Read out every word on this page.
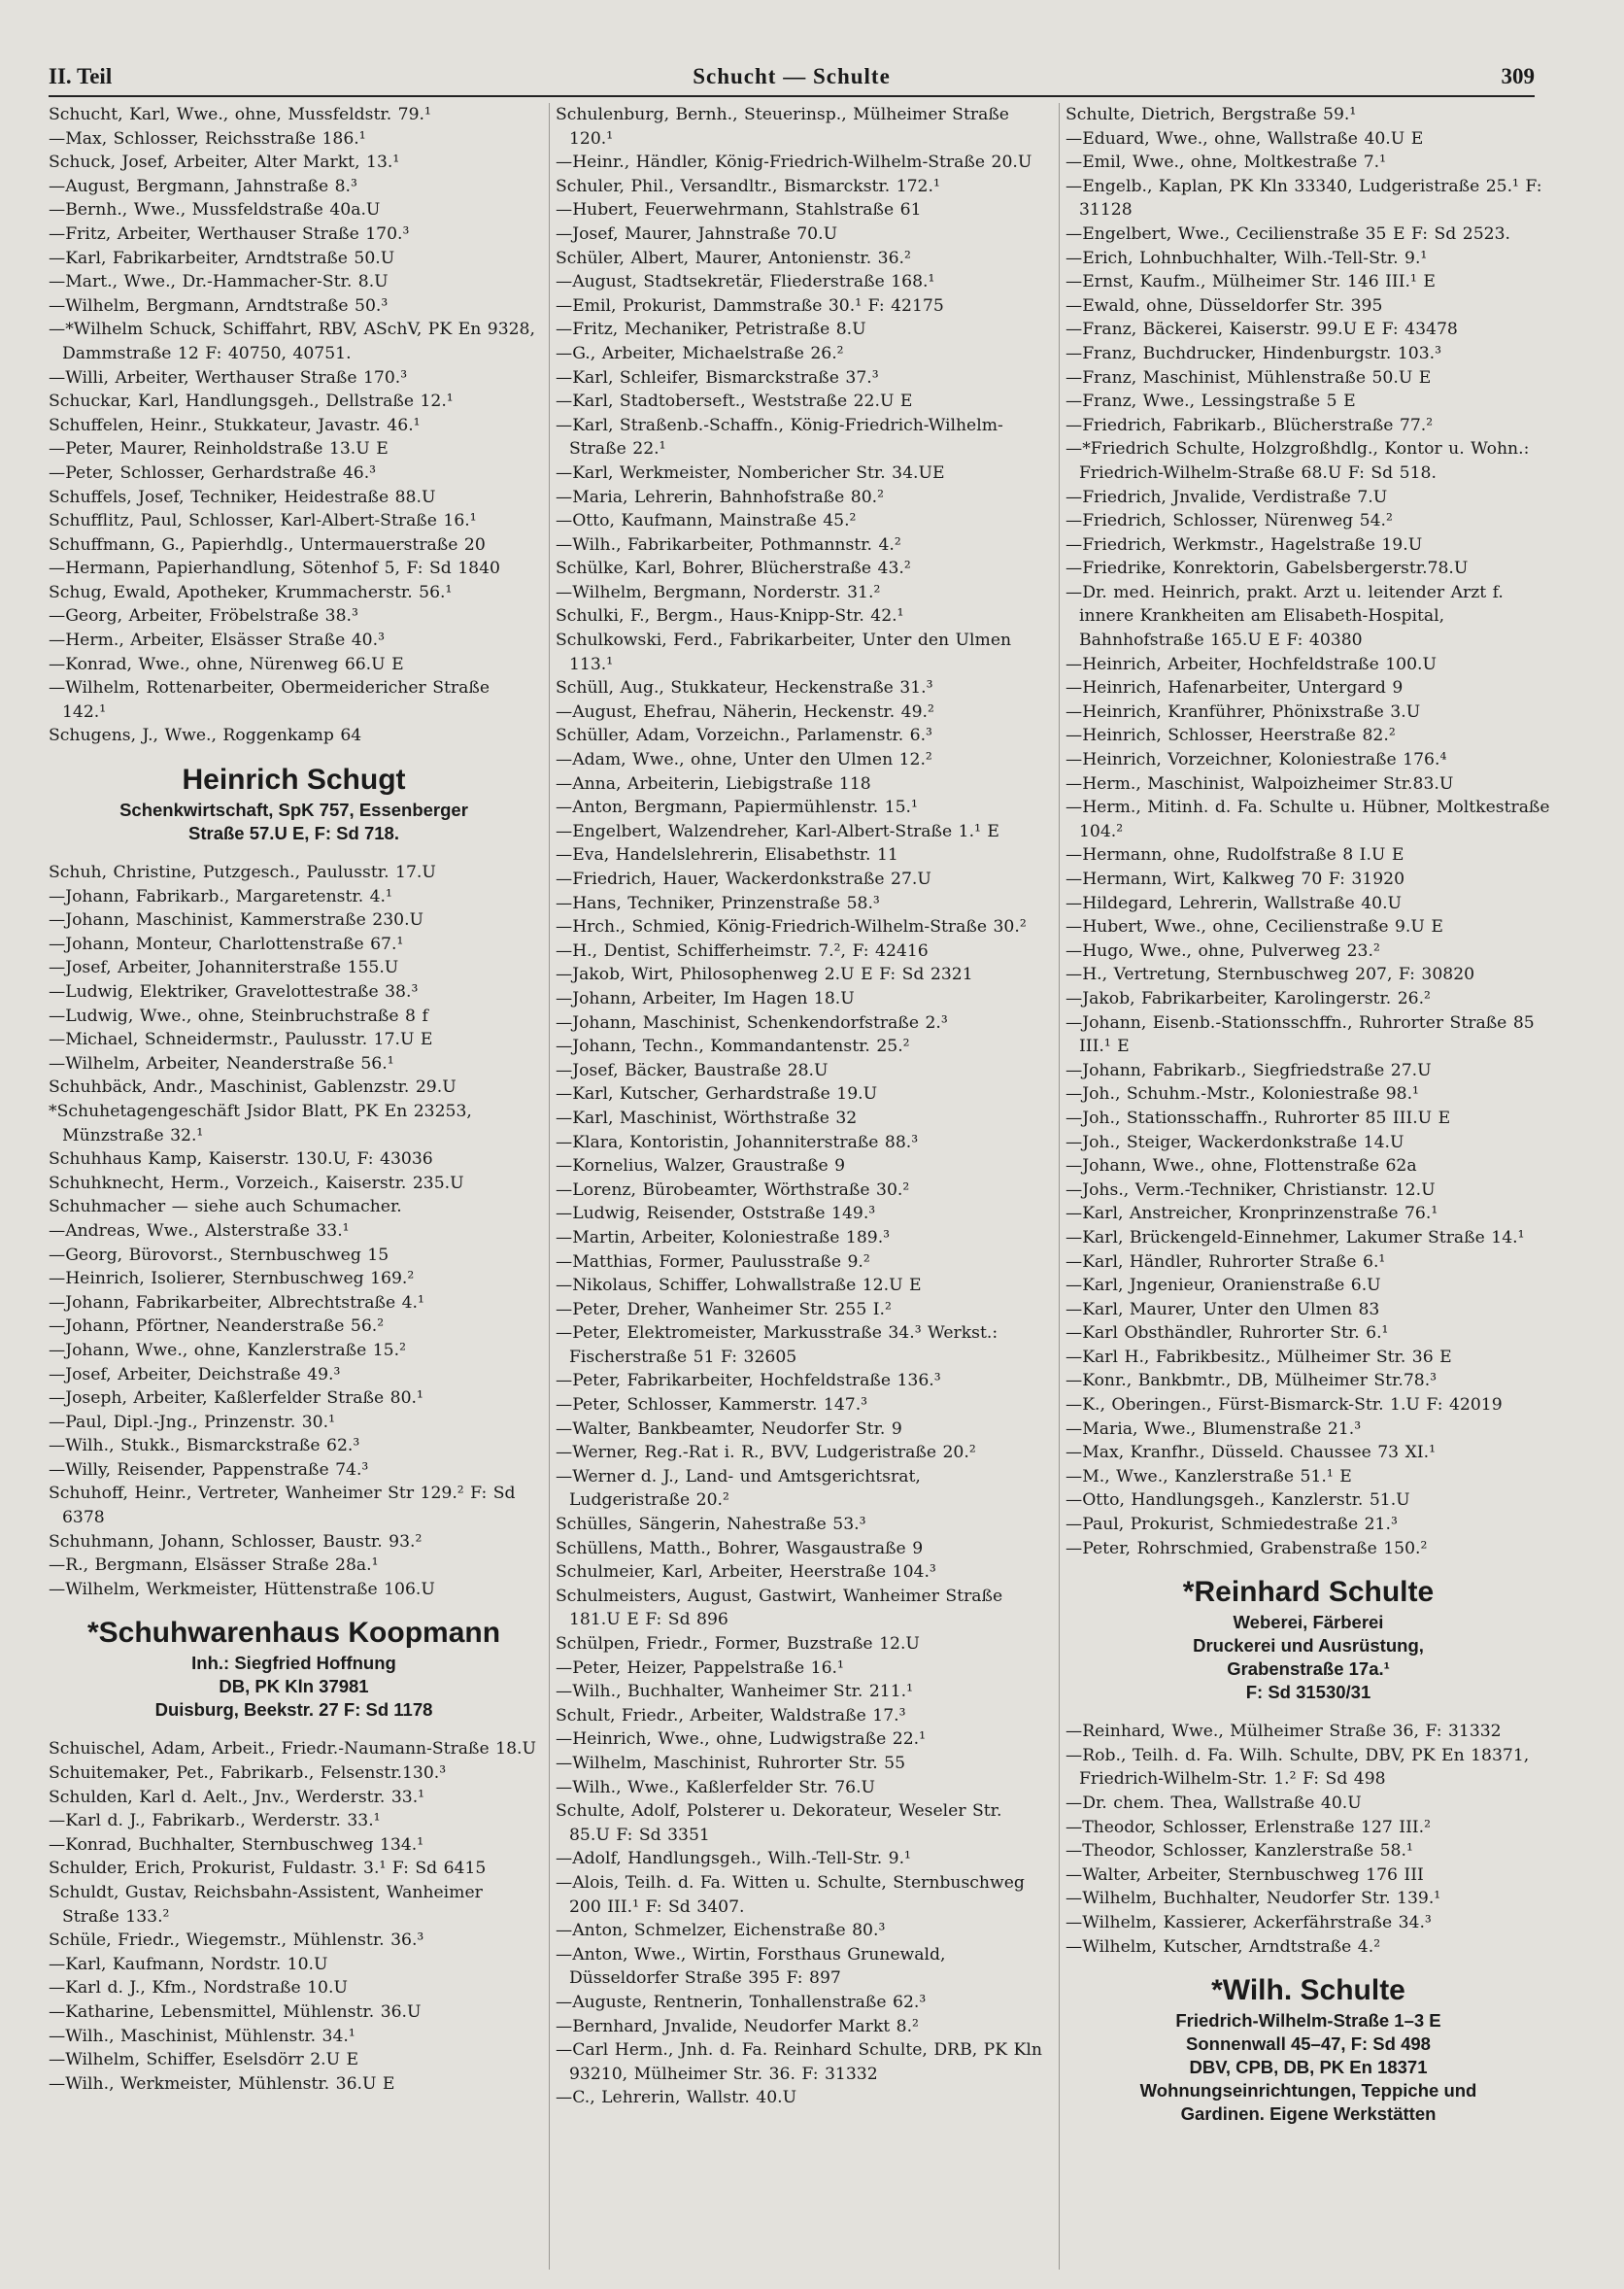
II. Teil	Schucht — Schulte	309
Schucht, Karl, Wwe., ohne, Mussfeldstr. 79.¹
—Max, Schlosser, Reichsstraße 186.¹
Schuck, Josef, Arbeiter, Alter Markt, 13.¹
—August, Bergmann, Jahnstraße 8.³
—Bernh., Wwe., Mussfeldstraße 40a.U
—Fritz, Arbeiter, Werthauser Straße 170.³
—Karl, Fabrikarbeiter, Arndtstraße 50.U
—Mart., Wwe., Dr.-Hammacher-Str. 8.U
—Wilhelm, Bergmann, Arndtstraße 50.³
—*Wilhelm Schuck, Schiffahrt, RBV, ASchV, PK En 9328, Dammstraße 12 F: 40750, 40751.
—Willi, Arbeiter, Werthauser Straße 170.³
Schuckar, Karl, Handlungsgeh., Dellstraße 12.¹
Schuffelen, Heinr., Stukkateur, Javastr. 46.¹
—Peter, Maurer, Reinholdstraße 13.U E
—Peter, Schlosser, Gerhardstraße 46.³
Schuffels, Josef, Techniker, Heidestraße 88.U
Schufflitz, Paul, Schlosser, Karl-Albert-Straße 16.¹
Schuffmann, G., Papierhdlg., Untermauerstraße 20
—Hermann, Papierhandlung, Sötenhof 5, F: Sd 1840
Schug, Ewald, Apotheker, Krummacherstr. 56.¹
—Georg, Arbeiter, Fröbelstraße 38.³
—Herm., Arbeiter, Elsässer Straße 40.³
—Konrad, Wwe., ohne, Nürenweg 66.U E
—Wilhelm, Rottenarbeiter, Obermeidericher Straße 142.¹
Schugens, J., Wwe., Roggenkamp 64
Heinrich Schugt
Schenkwirtschaft, SpK 757, Essenberger
Straße 57.U E, F: Sd 718.
Schuh, Christine, Putzgesch., Paulusstr. 17.U
—Johann, Fabrikarb., Margaretenstr. 4.¹
—Johann, Maschinist, Kammerstraße 230.U
—Johann, Monteur, Charlottenstraße 67.¹
—Josef, Arbeiter, Johanniterstraße 155.U
—Ludwig, Elektriker, Gravelottestraße 38.³
—Ludwig, Wwe., ohne, Steinbruchstraße 8 f
—Michael, Schneidermstr., Paulusstr. 17.U E
—Wilhelm, Arbeiter, Neanderstraße 56.¹
Schuhbäck, Andr., Maschinist, Gablenzstr. 29.U
*Schuhetagengeschäft Jsidor Blatt, PK En 23253, Münzstraße 32.¹
Schuhhaus Kamp, Kaiserstr. 130.U, F: 43036
Schuhknecht, Herm., Vorzeich., Kaiserstr. 235.U
Schuhmacher — siehe auch Schumacher.
—Andreas, Wwe., Alsterstraße 33.¹
—Georg, Bürovorst., Sternbuschweg 15
—Heinrich, Isolierer, Sternbuschweg 169.²
—Johann, Fabrikarbeiter, Albrechtstraße 4.¹
—Johann, Pförtner, Neanderstraße 56.²
—Johann, Wwe., ohne, Kanzlerstraße 15.²
—Josef, Arbeiter, Deichstraße 49.³
—Joseph, Arbeiter, Kaßlerfelder Straße 80.¹
—Paul, Dipl.-Jng., Prinzenstr. 30.¹
—Wilh., Stukk., Bismarckstraße 62.³
—Willy, Reisender, Pappenstraße 74.³
Schuhoff, Heinr., Vertreter, Wanheimer Str 129.² F: Sd 6378
Schuhmann, Johann, Schlosser, Baustr. 93.²
—R., Bergmann, Elsässer Straße 28a.¹
—Wilhelm, Werkmeister, Hüttenstraße 106.U
*Schuhwarenhaus Koopmann
Inh.: Siegfried Hoffnung
DB, PK Kln 37981
Duisburg, Beekstr. 27 F: Sd 1178
Schuischel, Adam, Arbeit., Friedr.-Naumann-Straße 18.U
Schuitemaker, Pet., Fabrikarb., Felsenstr.130.³
Schulden, Karl d. Aelt., Jnv., Werderstr. 33.¹
—Karl d. J., Fabrikarb., Werderstr. 33.¹
—Konrad, Buchhalter, Sternbuschweg 134.¹
Schulder, Erich, Prokurist, Fuldastr. 3.¹ F: Sd 6415
Schuldt, Gustav, Reichsbahn-Assistent, Wanheimer Straße 133.²
Schüle, Friedr., Wiegemstr., Mühlenstr. 36.³
—Karl, Kaufmann, Nordstr. 10.U
—Karl d. J., Kfm., Nordstraße 10.U
—Katharine, Lebensmittel, Mühlenstr. 36.U
—Wilh., Maschinist, Mühlenstr. 34.¹
—Wilhelm, Schiffer, Eselsdörr 2.U E
—Wilh., Werkmeister, Mühlenstr. 36.U E
Schulenburg, Bernh., Steuerinsp., Mülheimer Straße 120.¹
—Heinr., Händler, König-Friedrich-Wilhelm-Straße 20.U
Schuler, Phil., Versandltr., Bismarckstr. 172.¹
—Hubert, Feuerwehrmann, Stahlstraße 61
—Josef, Maurer, Jahnstraße 70.U
Schüler, Albert, Maurer, Antonienstr. 36.²
—August, Stadtsekretär, Fliederstraße 168.¹
—Emil, Prokurist, Dammstraße 30.¹ F: 42175
—Fritz, Mechaniker, Petristraße 8.U
—G., Arbeiter, Michaelstraße 26.²
—Karl, Schleifer, Bismarckstraße 37.³
—Karl, Stadtoberseft., Weststraße 22.U E
—Karl, Straßenb.-Schaffn., König-Friedrich-Wilhelm-Straße 22.¹
—Karl, Werkmeister, Nombericher Str. 34.UE
—Maria, Lehrerin, Bahnhofstraße 80.²
—Otto, Kaufmann, Mainstraße 45.²
—Wilh., Fabrikarbeiter, Pothmannstr. 4.²
Schülke, Karl, Bohrer, Blücherstraße 43.²
—Wilhelm, Bergmann, Norderstr. 31.²
Schulki, F., Bergm., Haus-Knipp-Str. 42.¹
Schulkowski, Ferd., Fabrikarbeiter, Unter den Ulmen 113.¹
Schüll, Aug., Stukkateur, Heckenstraße 31.³
—August, Ehefrau, Näherin, Heckenstr. 49.²
Schüller, Adam, Vorzeichn., Parlamenstr. 6.³
—Adam, Wwe., ohne, Unter den Ulmen 12.²
—Anna, Arbeiterin, Liebigstraße 118
—Anton, Bergmann, Papiermühlenstr. 15.¹
—Engelbert, Walzendreher, Karl-Albert-Straße 1.¹ E
—Eva, Handelslehrerin, Elisabethstr. 11
—Friedrich, Hauer, Wackerdonkstraße 27.U
—Hans, Techniker, Prinzenstraße 58.³
—Hrch., Schmied, König-Friedrich-Wilhelm-Straße 30.²
—H., Dentist, Schifferheimstr. 7.², F: 42416
—Jakob, Wirt, Philosophenweg 2.U E F: Sd 2321
—Johann, Arbeiter, Im Hagen 18.U
—Johann, Maschinist, Schenkendorfstraße 2.³
—Johann, Techn., Kommandantenstr. 25.²
—Josef, Bäcker, Baustraße 28.U
—Karl, Kutscher, Gerhardstraße 19.U
—Karl, Maschinist, Wörthstraße 32
—Klara, Kontoristin, Johanniterstraße 88.³
—Kornelius, Walzer, Graustraße 9
—Lorenz, Bürobeamter, Wörthstraße 30.²
—Ludwig, Reisender, Oststraße 149.³
—Martin, Arbeiter, Koloniestraße 189.³
—Matthias, Former, Paulusstraße 9.²
—Nikolaus, Schiffer, Lohwallstraße 12.U E
—Peter, Dreher, Wanheimer Str. 255 I.²
—Peter, Elektromeister, Markusstraße 34.³ Werkst.: Fischerstraße 51 F: 32605
—Peter, Fabrikarbeiter, Hochfeldstraße 136.³
—Peter, Schlosser, Kammerstr. 147.³
—Walter, Bankbeamter, Neudorfer Str. 9
—Werner, Reg.-Rat i. R., BVV, Ludgeristraße 20.²
—Werner d. J., Land- und Amtsgerichtsrat, Ludgeristraße 20.²
Schülles, Sängerin, Nahestraße 53.³
Schüllens, Matth., Bohrer, Wasgaustraße 9
Schulmeier, Karl, Arbeiter, Heerstraße 104.³
Schulmeisters, August, Gastwirt, Wanheimer Straße 181.U E F: Sd 896
Schülpen, Friedr., Former, Buzstraße 12.U
—Peter, Heizer, Pappelstraße 16.¹
—Wilh., Buchhalter, Wanheimer Str. 211.¹
Schult, Friedr., Arbeiter, Waldstraße 17.³
—Heinrich, Wwe., ohne, Ludwigstraße 22.¹
—Wilhelm, Maschinist, Ruhrorter Str. 55
—Wilh., Wwe., Kaßlerfelder Str. 76.U
Schulte, Adolf, Polsterer u. Dekorateur, Weseler Str. 85.U F: Sd 3351
—Adolf, Handlungsgeh., Wilh.-Tell-Str. 9.¹
—Alois, Teilh. d. Fa. Witten u. Schulte, Sternbuschweg 200 III.¹ F: Sd 3407.
—Anton, Schmelzer, Eichenstraße 80.³
—Anton, Wwe., Wirtin, Forsthaus Grunewald, Düsseldorfer Straße 395 F: 897
—Auguste, Rentnerin, Tonhallenstraße 62.³
—Bernhard, Jnvalide, Neudorfer Markt 8.²
—Carl Herm., Jnh. d. Fa. Reinhard Schulte, DRB, PK Kln 93210, Mülheimer Str. 36. F: 31332
—C., Lehrerin, Wallstr. 40.U
Schulte, Dietrich, Bergstraße 59.¹
—Eduard, Wwe., ohne, Wallstraße 40.U E
—Emil, Wwe., ohne, Moltkestraße 7.¹
—Engelb., Kaplan, PK Kln 33340, Ludgeristraße 25.¹ F: 31128
—Engelbert, Wwe., Cecilienstraße 35 E F: Sd 2523.
—Erich, Lohnbuchhalter, Wilh.-Tell-Str. 9.¹
—Ernst, Kaufm., Mülheimer Str. 146 III.¹ E
—Ewald, ohne, Düsseldorfer Str. 395
—Franz, Bäckerei, Kaiserstr. 99.U E F: 43478
—Franz, Buchdrucker, Hindenburgstr. 103.³
—Franz, Maschinist, Mühlenstraße 50.U E
—Franz, Wwe., Lessingstraße 5 E
—Friedrich, Fabrikarb., Blücherstraße 77.²
—*Friedrich Schulte, Holzgroßhdlg., Kontor u. Wohn.: Friedrich-Wilhelm-Straße 68.U F: Sd 518.
—Friedrich, Jnvalide, Verdistraße 7.U
—Friedrich, Schlosser, Nürenweg 54.²
—Friedrich, Werkmstr., Hagelstraße 19.U
—Friedrike, Konrektorin, Gabelsbergerstr.78.U
—Dr. med. Heinrich, prakt. Arzt u. leitender Arzt f. innere Krankheiten am Elisabeth-Hospital, Bahnhofstraße 165.U E F: 40380
—Heinrich, Arbeiter, Hochfeldstraße 100.U
—Heinrich, Hafenarbeiter, Untergard 9
—Heinrich, Kranführer, Phönixstraße 3.U
—Heinrich, Schlosser, Heerstraße 82.²
—Heinrich, Vorzeichner, Koloniestraße 176.⁴
—Herm., Maschinist, Walpoizheimer Str.83.U
—Herm., Mitinh. d. Fa. Schulte u. Hübner, Moltkestraße 104.²
—Hermann, ohne, Rudolfstraße 8 I.U E
—Hermann, Wirt, Kalkweg 70 F: 31920
—Hildegard, Lehrerin, Wallstraße 40.U
—Hubert, Wwe., ohne, Cecilienstraße 9.U E
—Hugo, Wwe., ohne, Pulverweg 23.²
—H., Vertretung, Sternbuschweg 207, F: 30820
—Jakob, Fabrikarbeiter, Karolingerstr. 26.²
—Johann, Eisenb.-Stationsschffn., Ruhrorter Straße 85 III.¹ E
—Johann, Fabrikarb., Siegfriedstraße 27.U
—Joh., Schuhm.-Mstr., Koloniestraße 98.¹
—Joh., Stationsschaffn., Ruhrorter 85 III.U E
—Joh., Steiger, Wackerdonkstraße 14.U
—Johann, Wwe., ohne, Flottenstraße 62a
—Johs., Verm.-Techniker, Christianstr. 12.U
—Karl, Anstreicher, Kronprinzenstraße 76.¹
—Karl, Brückengeld-Einnehmer, Lakumer Straße 14.¹
—Karl, Händler, Ruhrorter Straße 6.¹
—Karl, Jngenieur, Oranienstraße 6.U
—Karl, Maurer, Unter den Ulmen 83
—Karl Obsthändler, Ruhrorter Str. 6.¹
—Karl H., Fabrikbesitz., Mülheimer Str. 36 E
—Konr., Bankbmtr., DB, Mülheimer Str.78.³
—K., Oberingen., Fürst-Bismarck-Str. 1.U F: 42019
—Maria, Wwe., Blumenstraße 21.³
—Max, Kranfhr., Düsseld. Chaussee 73 XI.¹
—M., Wwe., Kanzlerstraße 51.¹ E
—Otto, Handlungsgeh., Kanzlerstr. 51.U
—Paul, Prokurist, Schmiedestraße 21.³
—Peter, Rohrschmied, Grabenstraße 150.²
*Reinhard Schulte
Weberei, Färberei
Druckerei und Ausrüstung,
Grabenstraße 17a.¹
F: Sd 31530/31
—Reinhard, Wwe., Mülheimer Straße 36, F: 31332
—Rob., Teilh. d. Fa. Wilh. Schulte, DBV, PK En 18371, Friedrich-Wilhelm-Str. 1.² F: Sd 498
—Dr. chem. Thea, Wallstraße 40.U
—Theodor, Schlosser, Erlenstraße 127 III.²
—Theodor, Schlosser, Kanzlerstraße 58.¹
—Walter, Arbeiter, Sternbuschweg 176 III
—Wilhelm, Buchhalter, Neudorfer Str. 139.¹
—Wilhelm, Kassierer, Ackerfährstraße 34.³
—Wilhelm, Kutscher, Arndtstraße 4.²
*Wilh. Schulte
Friedrich-Wilhelm-Straße 1–3 E
Sonnenwall 45–47, F: Sd 498
DBV, CPB, DB, PK En 18371
Wohnungseinrichtungen, Teppiche und
Gardinen. Eigene Werkstätten
